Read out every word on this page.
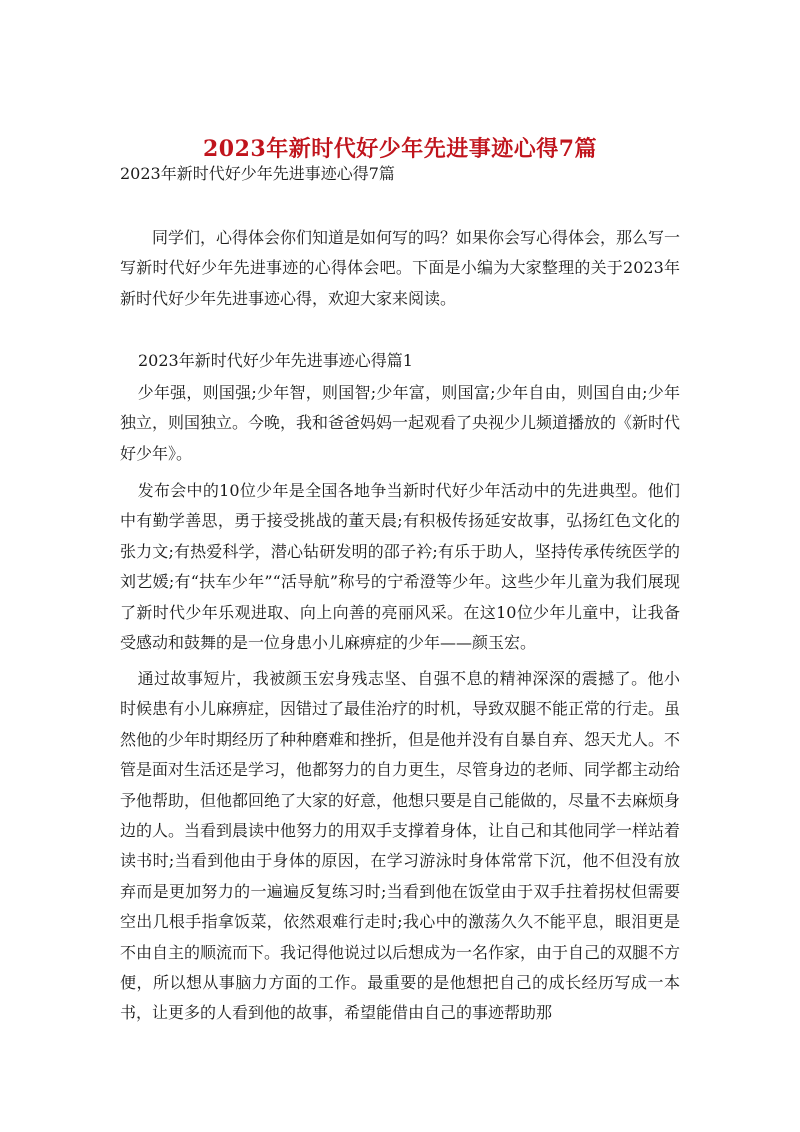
2023年新时代好少年先进事迹心得7篇
2023年新时代好少年先进事迹心得7篇

同学们，心得体会你们知道是如何写的吗？如果你会写心得体会，那么写一写新时代好少年先进事迹的心得体会吧。下面是小编为大家整理的关于2023年新时代好少年先进事迹心得，欢迎大家来阅读。

2023年新时代好少年先进事迹心得篇1

少年强，则国强;少年智，则国智;少年富，则国富;少年自由，则国自由;少年独立，则国独立。今晚，我和爸爸妈妈一起观看了央视少儿频道播放的《新时代好少年》。

发布会中的10位少年是全国各地争当新时代好少年活动中的先进典型。他们中有勤学善思，勇于接受挑战的董天晨;有积极传扬延安故事，弘扬红色文化的张力文;有热爱科学，潜心钻研发明的邵子衿;有乐于助人，坚持传承传统医学的刘艺媛;有“扶车少年”“活导航”称号的宁希澄等少年。这些少年儿童为我们展现了新时代少年乐观进取、向上向善的亮丽风采。在这10位少年儿童中，让我备受感动和鼓舞的是一位身患小儿麻痹症的少年——颜玉宏。

通过故事短片，我被颜玉宏身残志坚、自强不息的精神深深的震撼了。他小时候患有小儿麻痹症，因错过了最佳治疗的时机，导致双腿不能正常的行走。虽然他的少年时期经历了种种磨难和挫折，但是他并没有自暴自弃、怨天尤人。不管是面对生活还是学习，他都努力的自力更生，尽管身边的老师、同学都主动给予他帮助，但他都回绝了大家的好意，他想只要是自己能做的，尽量不去麻烦身边的人。当看到晨读中他努力的用双手支撑着身体，让自己和其他同学一样站着读书时;当看到他由于身体的原因，在学习游泳时身体常常下沉，他不但没有放弃而是更加努力的一遍遍反复练习时;当看到他在饭堂由于双手拄着拐杖但需要空出几根手指拿饭菜，依然艰难行走时;我心中的激荡久久不能平息，眼泪更是不由自主的顺流而下。我记得他说过以后想成为一名作家，由于自己的双腿不方便，所以想从事脑力方面的工作。最重要的是他想把自己的成长经历写成一本书，让更多的人看到他的故事，希望能借由自己的事迹帮助那
